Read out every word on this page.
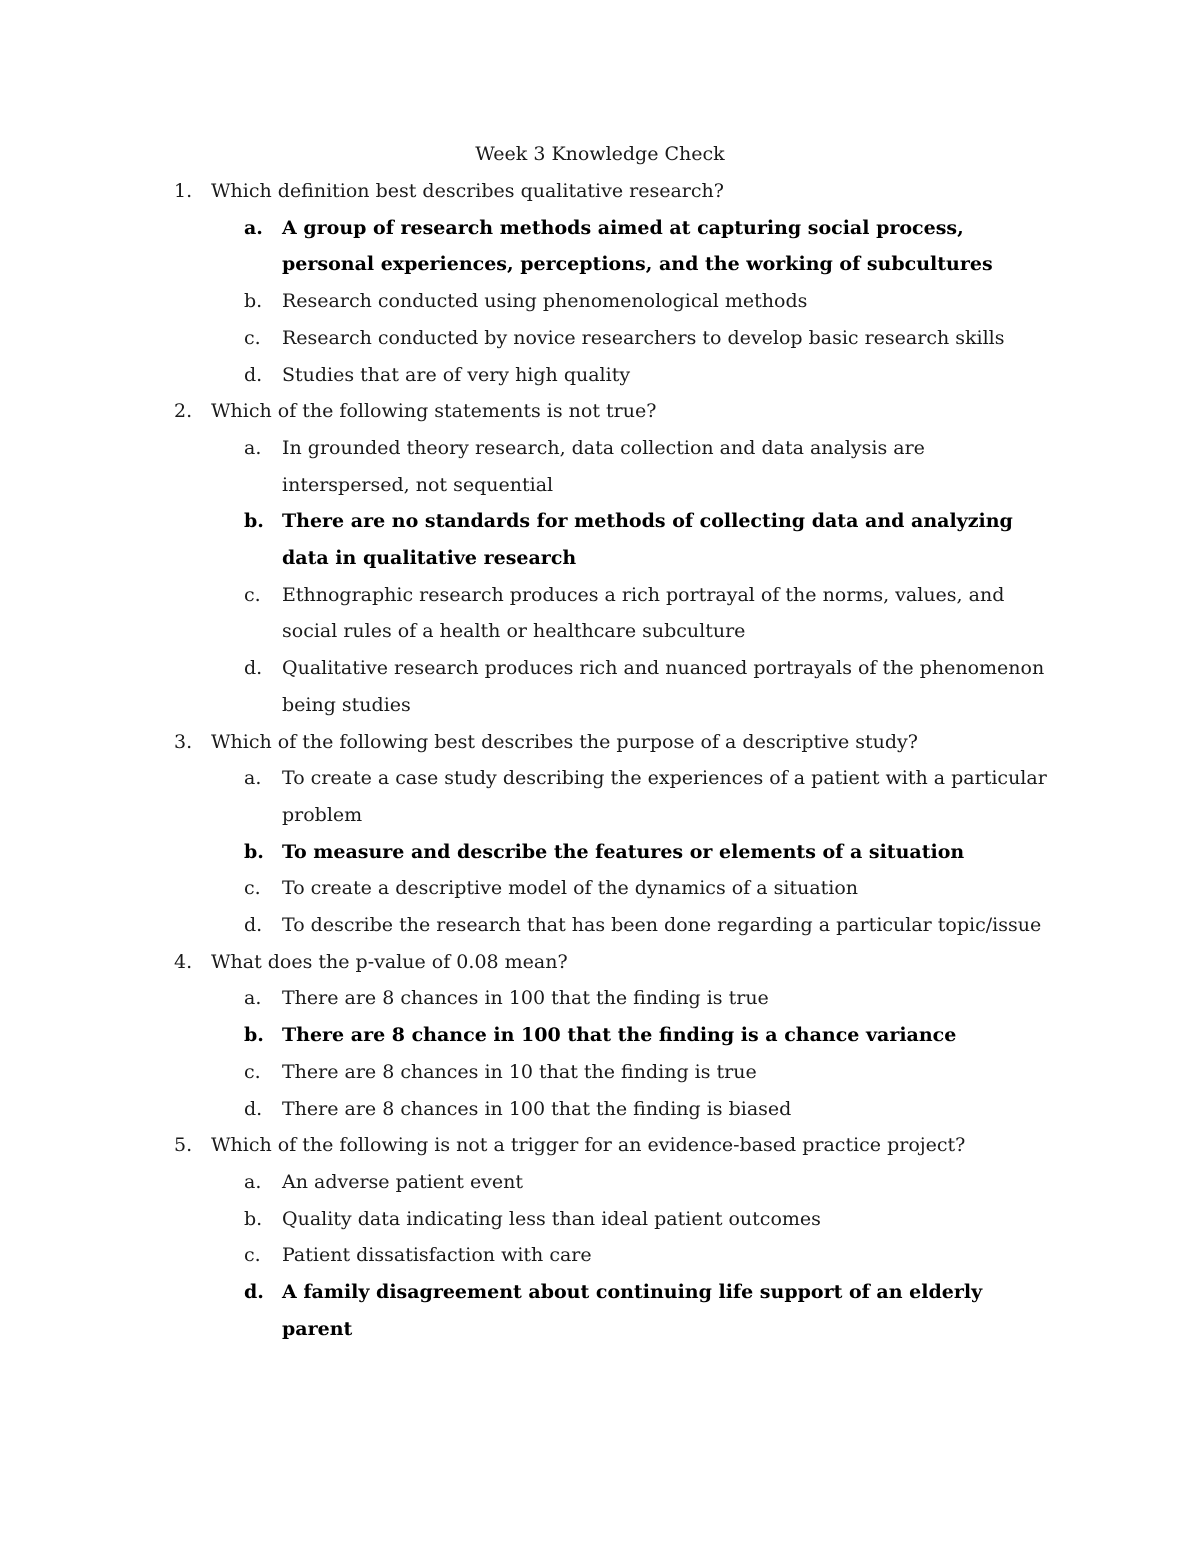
Week 3 Knowledge Check
1. Which definition best describes qualitative research?
a. A group of research methods aimed at capturing social process, personal experiences, perceptions, and the working of subcultures
b. Research conducted using phenomenological methods
c. Research conducted by novice researchers to develop basic research skills
d. Studies that are of very high quality
2. Which of the following statements is not true?
a. In grounded theory research, data collection and data analysis are interspersed, not sequential
b. There are no standards for methods of collecting data and analyzing data in qualitative research
c. Ethnographic research produces a rich portrayal of the norms, values, and social rules of a health or healthcare subculture
d. Qualitative research produces rich and nuanced portrayals of the phenomenon being studies
3. Which of the following best describes the purpose of a descriptive study?
a. To create a case study describing the experiences of a patient with a particular problem
b. To measure and describe the features or elements of a situation
c. To create a descriptive model of the dynamics of a situation
d. To describe the research that has been done regarding a particular topic/issue
4. What does the p-value of 0.08 mean?
a. There are 8 chances in 100 that the finding is true
b. There are 8 chance in 100 that the finding is a chance variance
c. There are 8 chances in 10 that the finding is true
d. There are 8 chances in 100 that the finding is biased
5. Which of the following is not a trigger for an evidence-based practice project?
a. An adverse patient event
b. Quality data indicating less than ideal patient outcomes
c. Patient dissatisfaction with care
d. A family disagreement about continuing life support of an elderly parent
